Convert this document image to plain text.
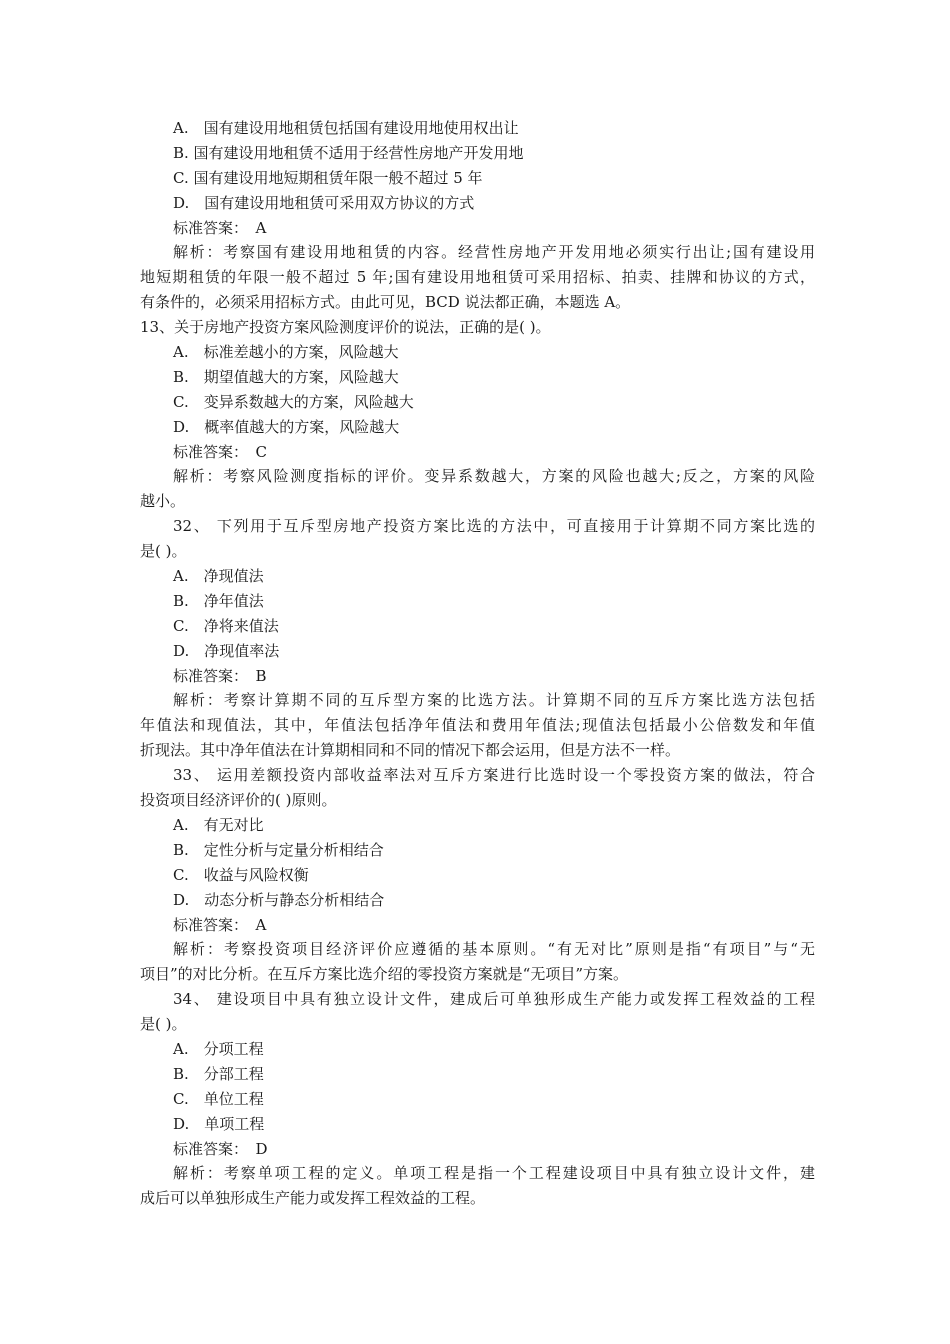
A.　国有建设用地租赁包括国有建设用地使用权出让
B. 国有建设用地租赁不适用于经营性房地产开发用地
C. 国有建设用地短期租赁年限一般不超过 5 年
D.　国有建设用地租赁可采用双方协议的方式
标准答案：　A
解析：考察国有建设用地租赁的内容。经营性房地产开发用地必须实行出让;国有建设用
地短期租赁的年限一般不超过 5 年;国有建设用地租赁可采用招标、拍卖、挂牌和协议的方式，
有条件的，必须采用招标方式。由此可见，BCD 说法都正确，本题选 A。
13、关于房地产投资方案风险测度评价的说法，正确的是( )。
A.　标准差越小的方案，风险越大
B.　期望值越大的方案，风险越大
C.　变异系数越大的方案，风险越大
D.　概率值越大的方案，风险越大
标准答案：　C
解析：考察风险测度指标的评价。变异系数越大，方案的风险也越大;反之，方案的风险
越小。
32、 下列用于互斥型房地产投资方案比选的方法中，可直接用于计算期不同方案比选的
是( )。
A.　净现值法
B.　净年值法
C.　净将来值法
D.　净现值率法
标准答案：　B
解析：考察计算期不同的互斥型方案的比选方法。计算期不同的互斥方案比选方法包括
年值法和现值法，其中，年值法包括净年值法和费用年值法;现值法包括最小公倍数发和年值
折现法。其中净年值法在计算期相同和不同的情况下都会运用，但是方法不一样。
33、 运用差额投资内部收益率法对互斥方案进行比选时设一个零投资方案的做法，符合
投资项目经济评价的( )原则。
A.　有无对比
B.　定性分析与定量分析相结合
C.　收益与风险权衡
D.　动态分析与静态分析相结合
标准答案：　A
解析：考察投资项目经济评价应遵循的基本原则。“有无对比”原则是指“有项目”与“无
项目”的对比分析。在互斥方案比选介绍的零投资方案就是“无项目”方案。
34、 建设项目中具有独立设计文件，建成后可单独形成生产能力或发挥工程效益的工程
是( )。
A.　分项工程
B.　分部工程
C.　单位工程
D.　单项工程
标准答案：　D
解析：考察单项工程的定义。单项工程是指一个工程建设项目中具有独立设计文件，建
成后可以单独形成生产能力或发挥工程效益的工程。
